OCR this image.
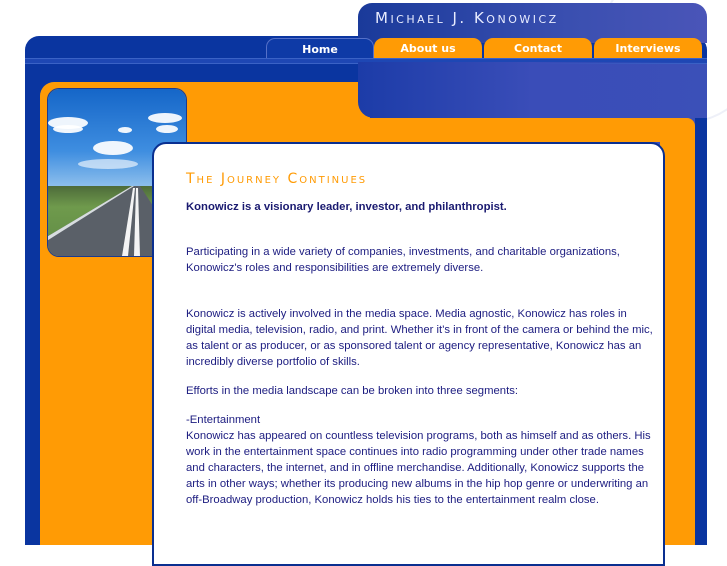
Michael J. Konowicz
Home	About us	Contact	Interviews
The Journey Continues

Konowicz is a visionary leader, investor, and philanthropist.

Participating in a wide variety of companies, investments, and charitable organizations, Konowicz's roles and responsibilities are extremely diverse.

Konowicz is actively involved in the media space. Media agnostic, Konowicz has roles in digital media, television, radio, and print. Whether it's in front of the camera or behind the mic, as talent or as producer, or as sponsored talent or agency representative, Konowicz has an incredibly diverse portfolio of skills.

Efforts in the media landscape can be broken into three segments:

-Entertainment

Konowicz has appeared on countless television programs, both as himself and as others. His work in the entertainment space continues into radio programming under other trade names and characters, the internet, and in offline merchandise. Additionally, Konowicz supports the arts in other ways; whether its producing new albums in the hip hop genre or underwriting an off-Broadway production, Konowicz holds his ties to the entertainment realm close.
